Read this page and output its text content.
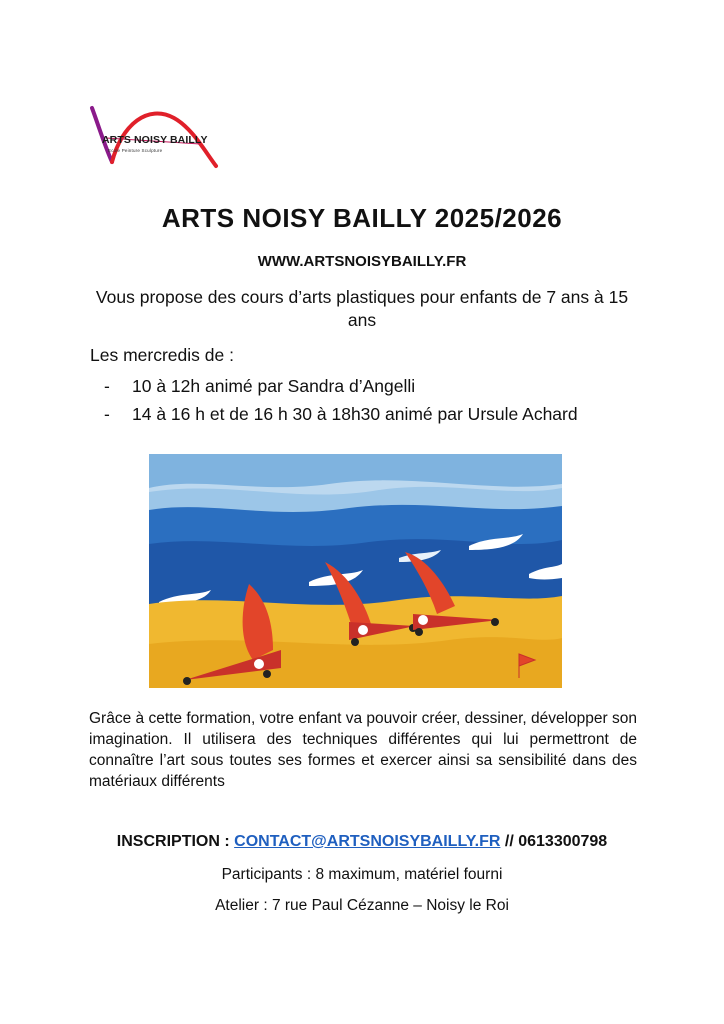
ARTS NOISY BAILLY
Ecole Peinture Sculpture
ARTS NOISY BAILLY 2025/2026
WWW.ARTSNOISYBAILLY.FR
Vous propose des cours d’arts plastiques pour enfants de 7 ans à 15 ans
Les mercredis de :
-	10 à 12h animé par Sandra d’Angelli
-	14 à 16 h et de 16 h 30 à 18h30 animé par Ursule Achard
Grâce à cette formation, votre enfant va pouvoir créer, dessiner, développer son imagination. Il utilisera des techniques différentes qui lui permettront de connaître l’art sous toutes ses formes et exercer ainsi sa sensibilité dans des matériaux différents
INSCRIPTION : CONTACT@ARTSNOISYBAILLY.FR // 0613300798
Participants : 8 maximum, matériel fourni
Atelier : 7 rue Paul Cézanne – Noisy le Roi
